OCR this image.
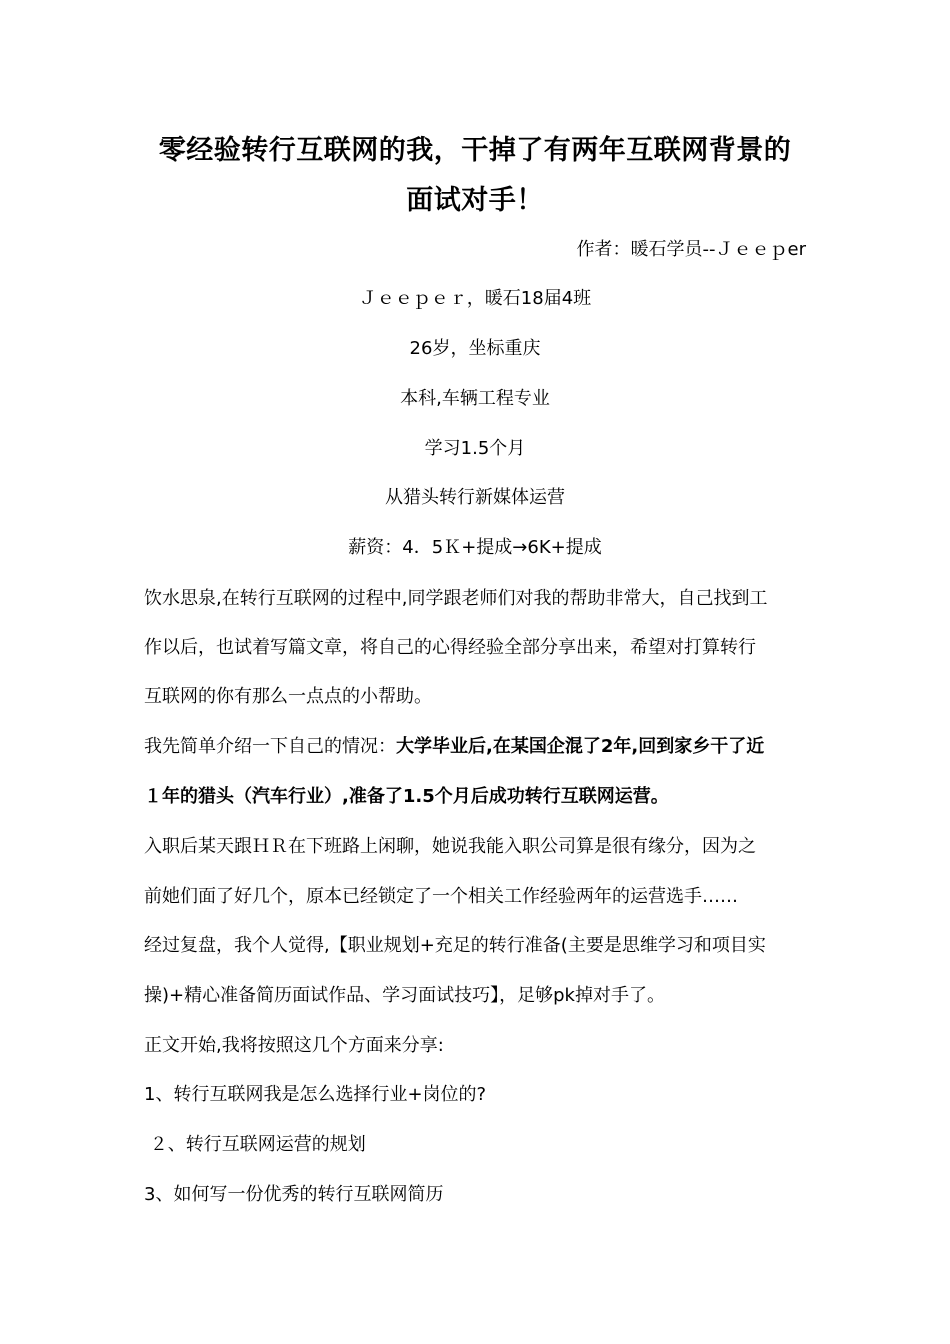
零经验转行互联网的我，干掉了有两年互联网背景的
面试对手！
作者：暖石学员--Ｊｅｅｐer
Ｊｅｅｐｅｒ，暖石18届4班
26岁，坐标重庆
本科,车辆工程专业
学习1.5个月
从猎头转行新媒体运营
薪资：4．5Ｋ+提成→6K+提成
饮水思泉,在转行互联网的过程中,同学跟老师们对我的帮助非常大，自己找到工
作以后，也试着写篇文章，将自己的心得经验全部分享出来，希望对打算转行
互联网的你有那么一点点的小帮助。
我先简单介绍一下自己的情况：大学毕业后,在某国企混了2年,回到家乡干了近
１年的猎头（汽车行业）,准备了1.5个月后成功转行互联网运营。
入职后某天跟ＨＲ在下班路上闲聊，她说我能入职公司算是很有缘分，因为之
前她们面了好几个，原本已经锁定了一个相关工作经验两年的运营选手……
经过复盘，我个人觉得,【职业规划+充足的转行准备(主要是思维学习和项目实
操)+精心准备简历面试作品、学习面试技巧】，足够pk掉对手了。
正文开始,我将按照这几个方面来分享:
1、转行互联网我是怎么选择行业+岗位的?
２、转行互联网运营的规划
3、如何写一份优秀的转行互联网简历
